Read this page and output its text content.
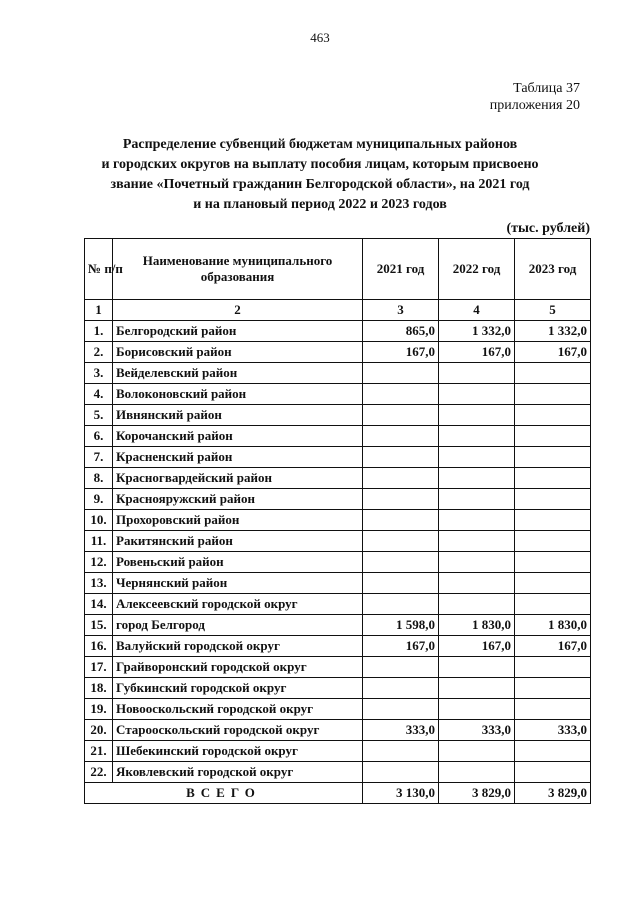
463
Таблица 37
приложения 20
Распределение субвенций бюджетам муниципальных районов
и городских округов на выплату пособия лицам, которым присвоено
звание «Почетный гражданин Белгородской области», на 2021 год
и на плановый период 2022 и 2023 годов
(тыс. рублей)
№ п/п	Наименование муниципального образования	2021 год	2022 год	2023 год
1	2	3	4	5
1.	Белгородский район	865,0	1 332,0	1 332,0
2.	Борисовский район	167,0	167,0	167,0
3.	Вейделевский район			
4.	Волоконовский район			
5.	Ивнянский район			
6.	Корочанский район			
7.	Красненский район			
8.	Красногвардейский район			
9.	Краснояружский район			
10.	Прохоровский район			
11.	Ракитянский район			
12.	Ровеньский район			
13.	Чернянский район			
14.	Алексеевский городской округ			
15.	город Белгород	1 598,0	1 830,0	1 830,0
16.	Валуйский городской округ	167,0	167,0	167,0
17.	Грайворонский городской округ			
18.	Губкинский городской округ			
19.	Новооскольский городской округ			
20.	Старооскольский городской округ	333,0	333,0	333,0
21.	Шебекинский городской округ			
22.	Яковлевский городской округ			
ВСЕГО		3 130,0	3 829,0	3 829,0
